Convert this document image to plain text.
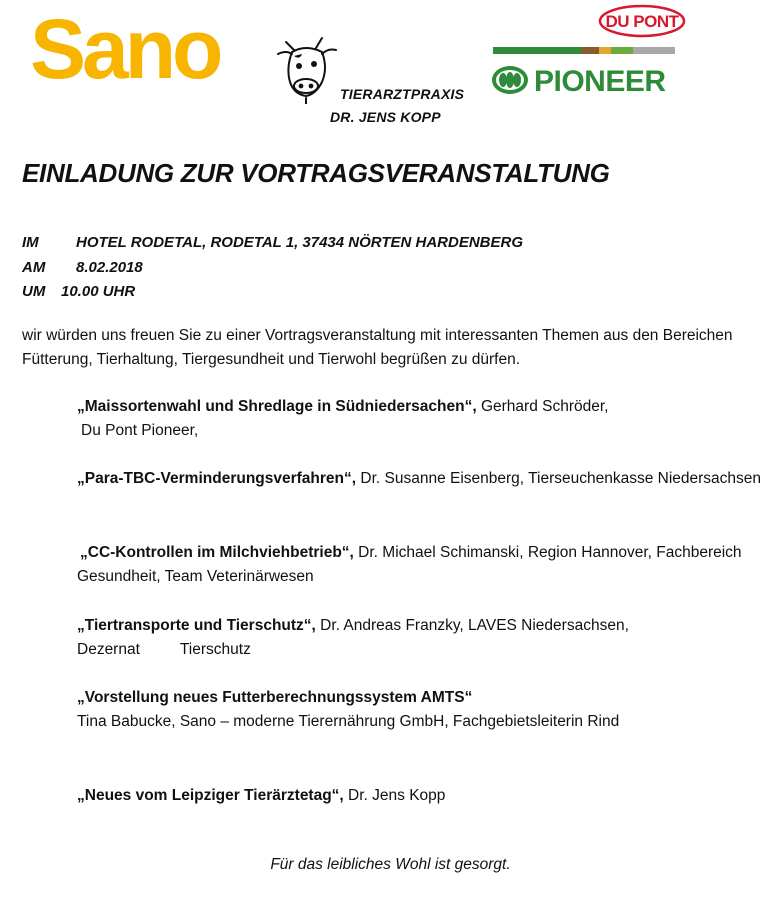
Sano	TIERARZTPRAXIS
DR. JENS KOPP
DU PONT
PIONEER
EINLADUNG ZUR VORTRAGSVERANSTALTUNG
IM HOTEL RODETAL, RODETAL 1, 37434 NÖRTEN HARDENBERG
AM 8.02.2018
UM 10.00 UHR
wir würden uns freuen Sie zu einer Vortragsveranstaltung mit interessanten Themen aus den Bereichen Fütterung, Tierhaltung, Tiergesundheit und Tierwohl begrüßen zu dürfen.
„Maissortenwahl und Shredlage in Südniedersachen“, Gerhard Schröder,
Du Pont Pioneer,
„Para-TBC-Verminderungsverfahren“, Dr. Susanne Eisenberg, Tierseuchenkasse Niedersachsen
„CC-Kontrollen im Milchviehbetrieb“, Dr. Michael Schimanski, Region Hannover, Fachbereich Gesundheit, Team Veterinärwesen
„Tiertransporte und Tierschutz“, Dr. Andreas Franzky, LAVES Niedersachsen,
Dezernat	Tierschutz
„Vorstellung neues Futterberechnungssystem AMTS“
Tina Babucke, Sano – moderne Tierernährung GmbH, Fachgebietsleiterin Rind
„Neues vom Leipziger Tierärztetag“, Dr. Jens Kopp
Für das leibliches Wohl ist gesorgt.
